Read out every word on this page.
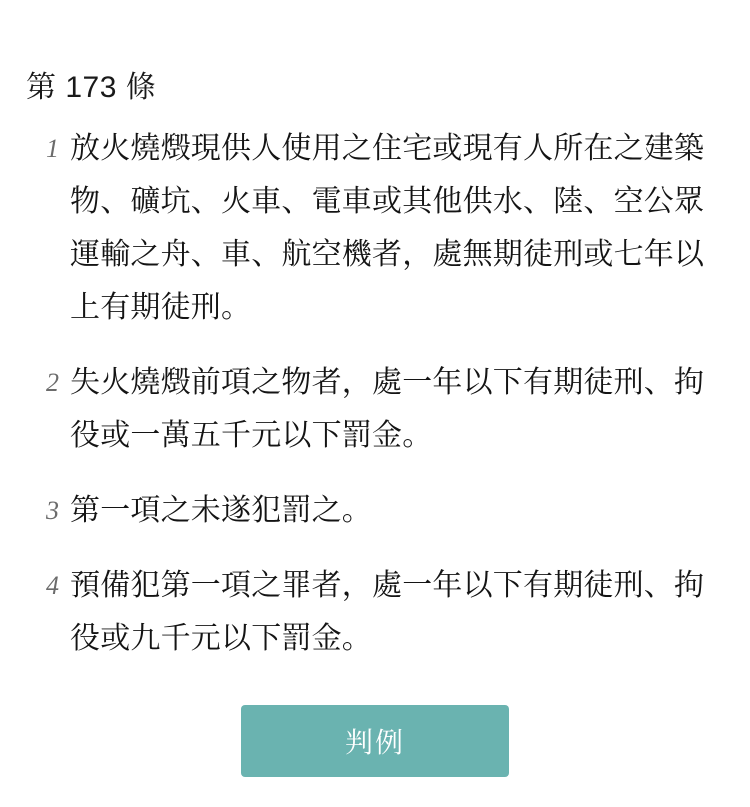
第 173 條
1 放火燒燬現供人使用之住宅或現有人所在之建築物、礦坑、火車、電車或其他供水、陸、空公眾運輸之舟、車、航空機者，處無期徒刑或七年以上有期徒刑。
2 失火燒燬前項之物者，處一年以下有期徒刑、拘役或一萬五千元以下罰金。
3 第一項之未遂犯罰之。
4 預備犯第一項之罪者，處一年以下有期徒刑、拘役或九千元以下罰金。
判例
